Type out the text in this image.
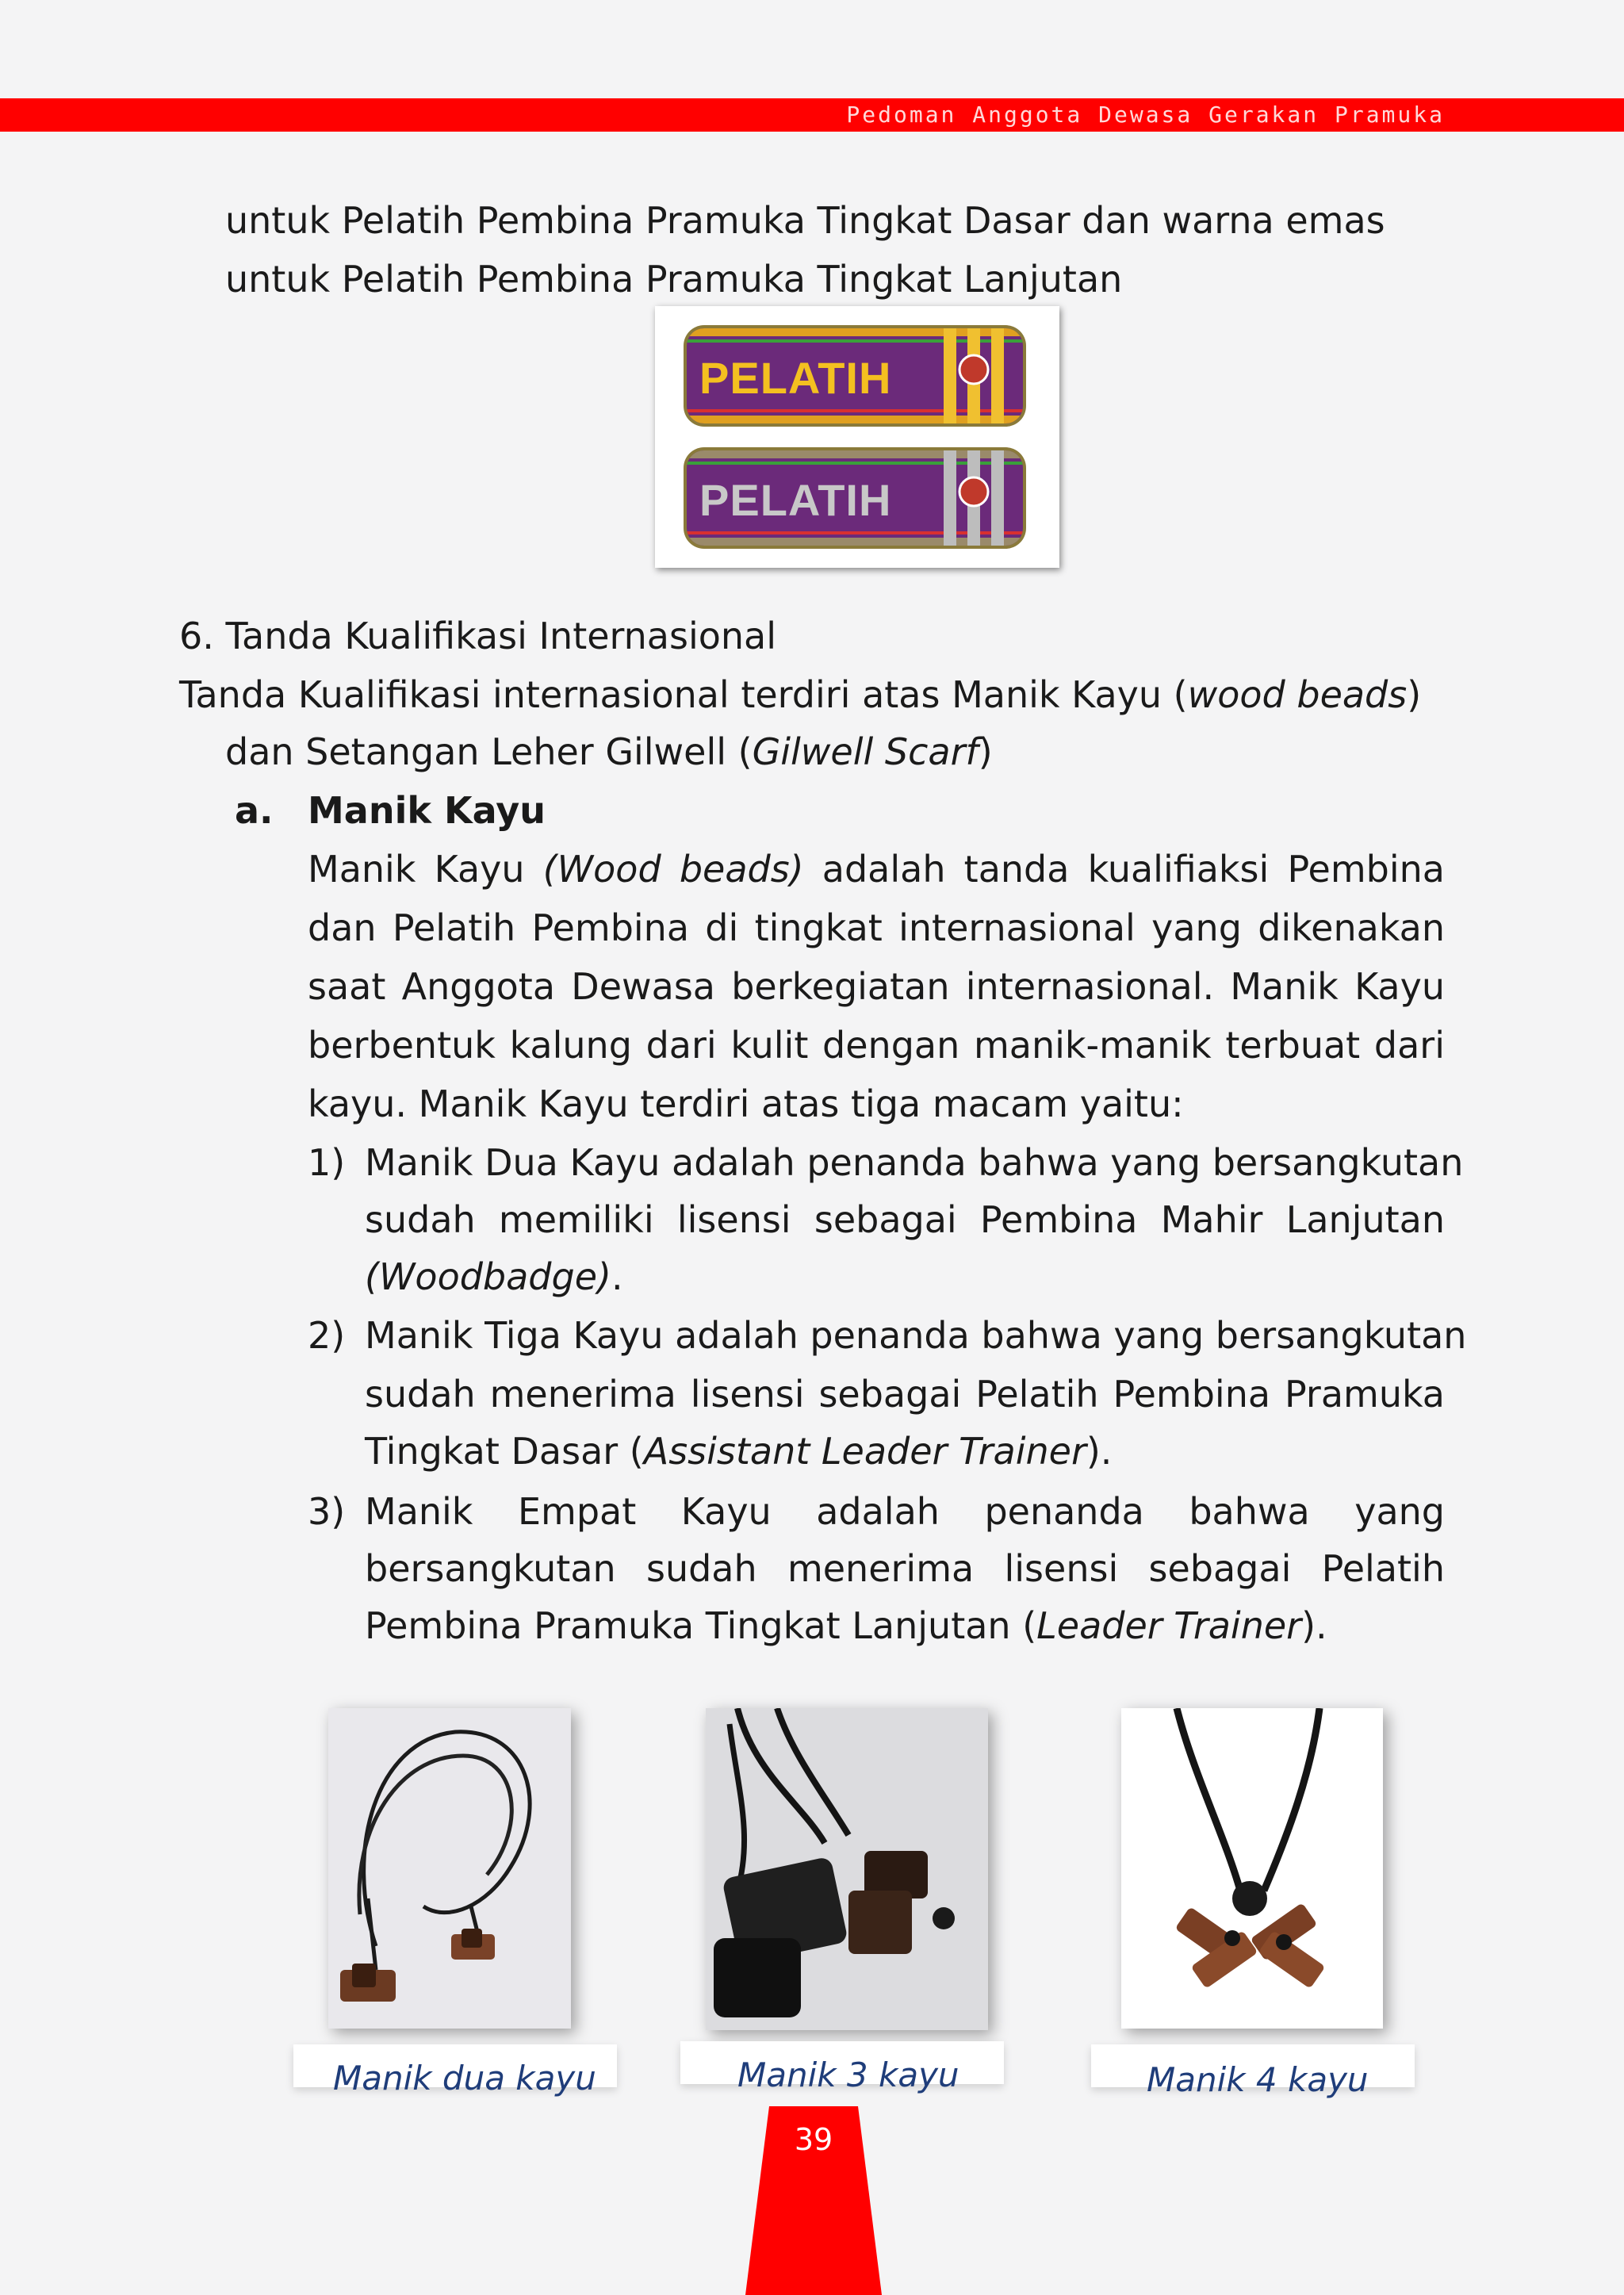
Pedoman Anggota Dewasa Gerakan Pramuka
untuk Pelatih Pembina Pramuka Tingkat Dasar dan warna emas
untuk Pelatih Pembina Pramuka Tingkat Lanjutan
PELATIH
PELATIH
6. Tanda Kualifikasi Internasional
Tanda Kualifikasi internasional terdiri atas Manik Kayu (wood beads)
dan Setangan Leher Gilwell (Gilwell Scarf)
a. Manik Kayu
Manik Kayu (Wood beads) adalah tanda kualifiaksi Pembina
dan Pelatih Pembina di tingkat internasional yang dikenakan
saat Anggota Dewasa berkegiatan internasional. Manik Kayu
berbentuk kalung dari kulit dengan manik-manik terbuat dari
kayu. Manik Kayu terdiri atas tiga macam yaitu:
1) Manik Dua Kayu adalah penanda bahwa yang bersangkutan
sudah memiliki lisensi sebagai Pembina Mahir Lanjutan
(Woodbadge).
2) Manik Tiga Kayu adalah penanda bahwa yang bersangkutan
sudah menerima lisensi sebagai Pelatih Pembina Pramuka
Tingkat Dasar (Assistant Leader Trainer).
3) Manik Empat Kayu adalah penanda bahwa yang
bersangkutan sudah menerima lisensi sebagai Pelatih
Pembina Pramuka Tingkat Lanjutan (Leader Trainer).
Manik dua kayu	Manik 3 kayu	Manik 4 kayu
39
